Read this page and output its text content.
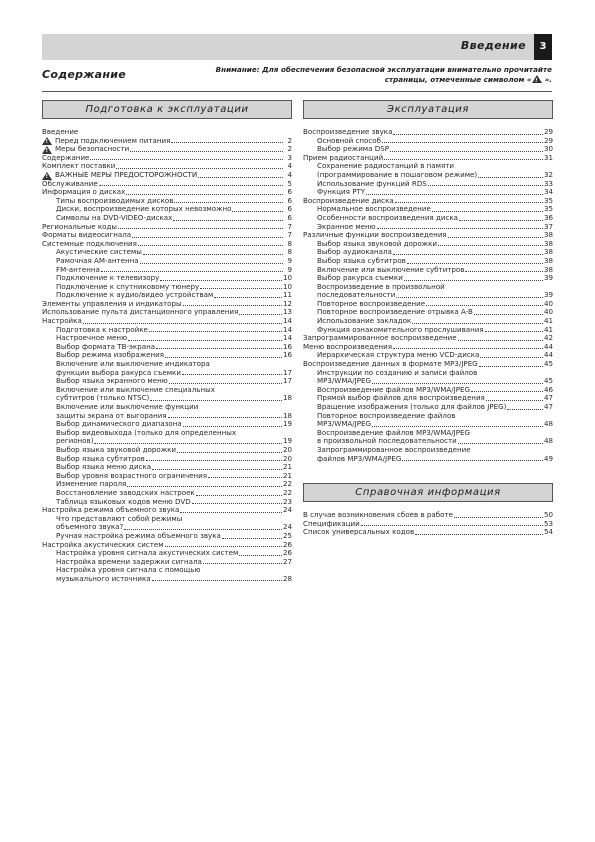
Введение	3
Содержание	Внимание: Для обеспечения безопасной эксплуатации внимательно прочитайте
страницы, отмеченные символом « ! ».
Подготовка к эксплуатации
Введение
!
Перед подключением питания	2
!
Меры безопасности	2
Содержание	3
Комплект поставки	4
!
ВАЖНЫЕ МЕРЫ ПРЕДОСТОРОЖНОСТИ	4
Обслуживание	5
Информация о дисках	6
Типы воспроизводимых дисков	6
Диски, воспроизведение которых невозможно	6
Символы на DVD-VIDEO-дисках	6
Региональные коды	7
Форматы видеосигнала	7
Системные подключения	8
Акустические системы	8
Рамочная АМ-антенна	9
FM-антенна	9
Подключение к телевизору	10
Подключение к спутниковому тюнеру	10
Подключение к аудио/видео устройствам	11
Элементы управления и индикаторы	12
Использование пульта дистанционного управления	13
Настройка	14
Подготовка к настройке	14
Настроечное меню	14
Выбор формата ТВ-экрана	16
Выбор режима изображения	16
Включение или выключение индикатора
функции выбора ракурса съемки	17
Выбор языка экранного меню	17
Включение или выключение специальных
субтитров (только NTSC)	18
Включение или выключение функции
защиты экрана от выгорания	18
Выбор динамического диапазона	19
Выбор видеовыхода (только для определенных
регионов)	19
Выбор языка звуковой дорожки	20
Выбор языка субтитров	20
Выбор языка меню диска	21
Выбор уровня возрастного ограничения	21
Изменение пароля	22
Восстановление заводских настроек	22
Таблица языковых кодов меню DVD	23
Настройка режима объемного звука	24
Что представляют собой режимы
объемного звука?	24
Ручная настройка режима объемного звука	25
Настройка акустических систем	26
Настройка уровня сигнала акустических систем	26
Настройка времени задержки сигнала	27
Настройка уровня сигнала с помощью
музыкального источника	28
Эксплуатация
Воспроизведение звука	29
Основной способ	29
Выбор режима DSP	30
Прием радиостанций	31
Сохранение радиостанций в памяти
(программирование в пошаговом режиме)	32
Использование функций RDS	33
Функция PTY	34
Воспроизведение диска	35
Нормальное воспроизведение	35
Особенности воспроизведения диска	36
Экранное меню	37
Различные функции воспроизведения	38
Выбор языка звуковой дорожки	38
Выбор аудиоканала	38
Выбор языка субтитров	38
Включение или выключение субтитров	38
Выбор ракурса съемки	39
Воспроизведение в произвольной
последовательности	39
Повторное воспроизведение	40
Повторное воспроизведение отрывка A-B	40
Использование закладок	41
Функция ознакомительного прослушивания	41
Запрограммированное воспроизведение	42
Меню воспроизведения	44
Иерархическая структура меню VCD-диска	44
Воспроизведение данных в формате MP3/JPEG	45
Инструкции по созданию и записи файлов
MP3/WMA/JPEG	45
Воспроизведение файлов MP3/WMA/JPEG	46
Прямой выбор файлов для воспроизведения	47
Вращение изображения (только для файлов JPEG)	47
Повторное воспроизведение файлов
MP3/WMA/JPEG	48
Воспроизведение файлов MP3/WMA/JPEG
в произвольной последовательности	48
Запрограммированное воспроизведение
файлов MP3/WMA/JPEG	49
Справочная информация
В случае возникновения сбоев в работе	50
Спецификации	53
Список универсальных кодов	54
